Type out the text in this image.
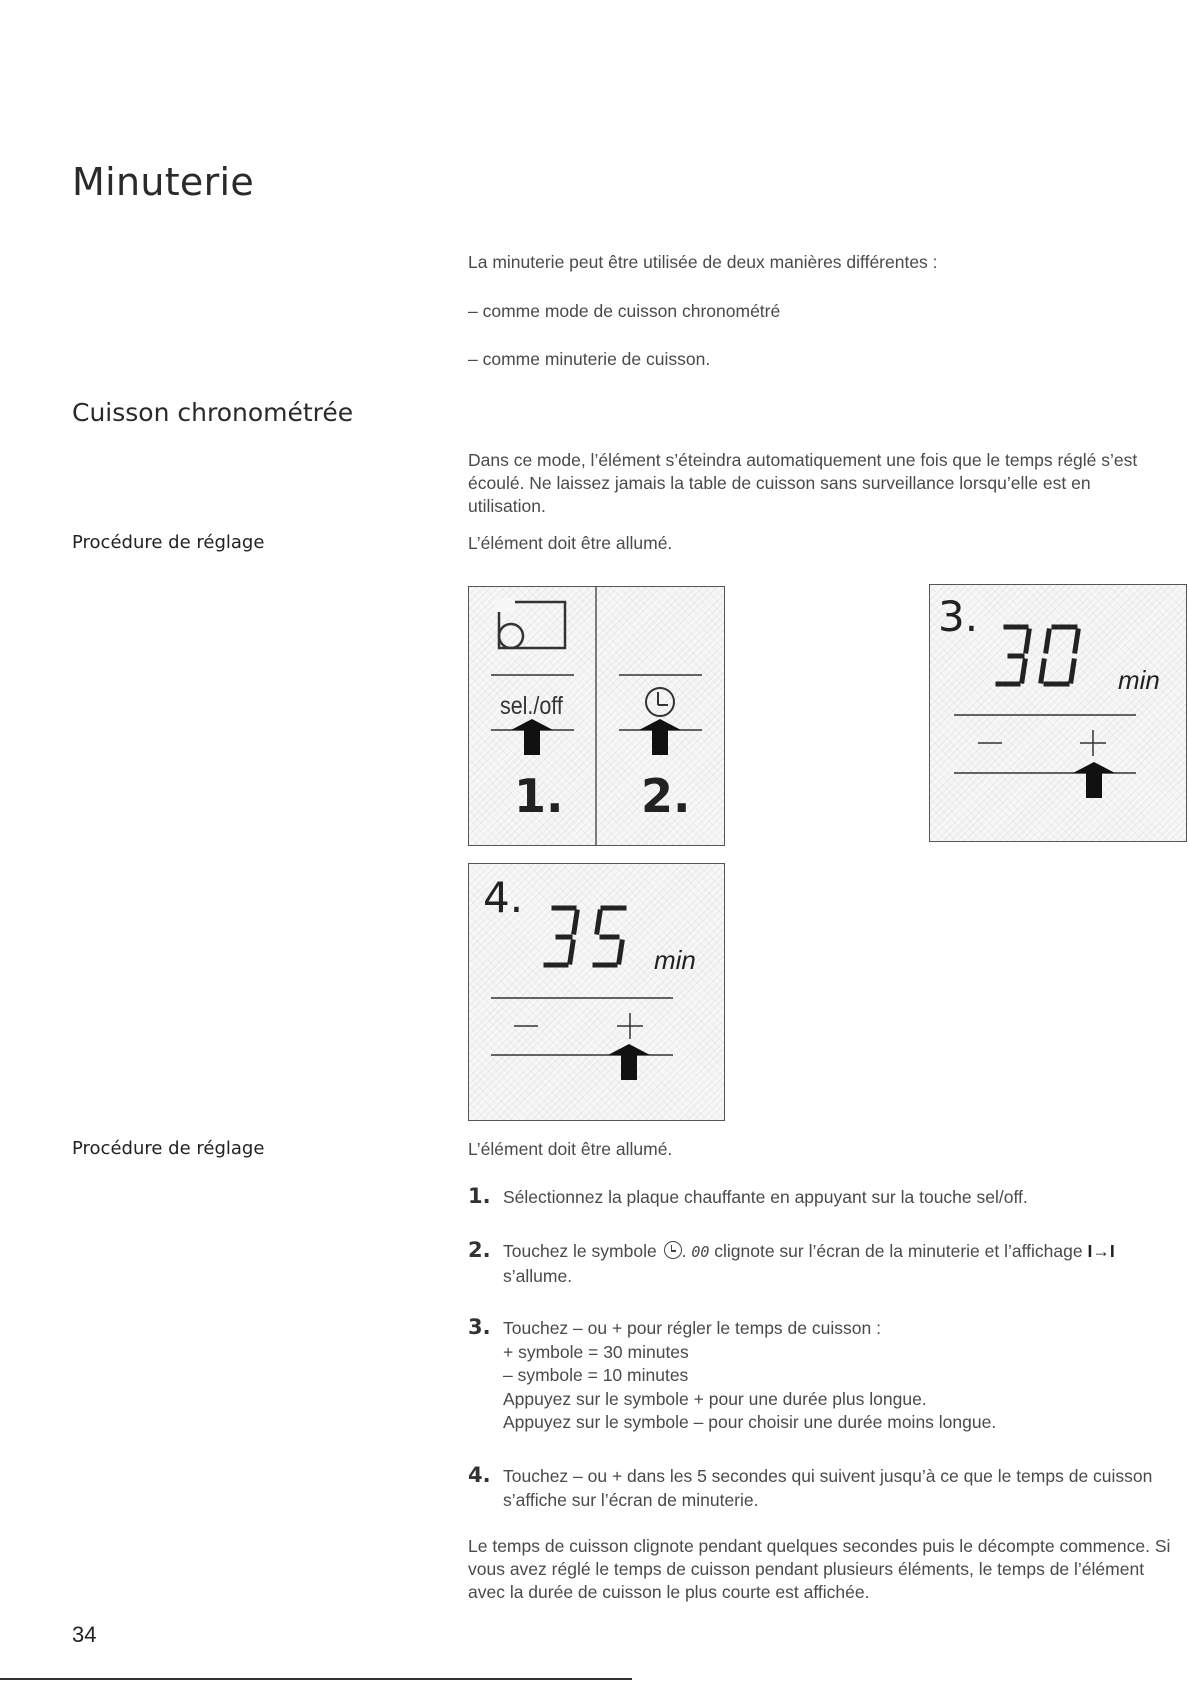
Minuterie

La minuterie peut être utilisée de deux manières différentes :

– comme mode de cuisson chronométré

– comme minuterie de cuisson.

Cuisson chronométrée

Dans ce mode, l’élément s’éteindra automatiquement une fois que le temps réglé s’est écoulé. Ne laissez jamais la table de cuisson sans surveillance lorsqu’elle est en utilisation.

Procédure de réglage	L’élément doit être allumé.

sel./off
1. 2.
3.
min
4.
min
Procédure de réglage	L’élément doit être allumé.

1. Sélectionnez la plaque chauffante en appuyant sur la touche sel/off.
2. Touchez le symbole . 00 clignote sur l’écran de la minuterie et l’affichage I→I
s’allume.
3. Touchez – ou + pour régler le temps de cuisson :
+ symbole = 30 minutes
– symbole = 10 minutes
Appuyez sur le symbole + pour une durée plus longue.
Appuyez sur le symbole – pour choisir une durée moins longue.
4. Touchez – ou + dans les 5 secondes qui suivent jusqu’à ce que le temps de cuisson s’affiche sur l’écran de minuterie.

Le temps de cuisson clignote pendant quelques secondes puis le décompte commence. Si vous avez réglé le temps de cuisson pendant plusieurs éléments, le temps de l’élément avec la durée de cuisson le plus courte est affichée.

34
